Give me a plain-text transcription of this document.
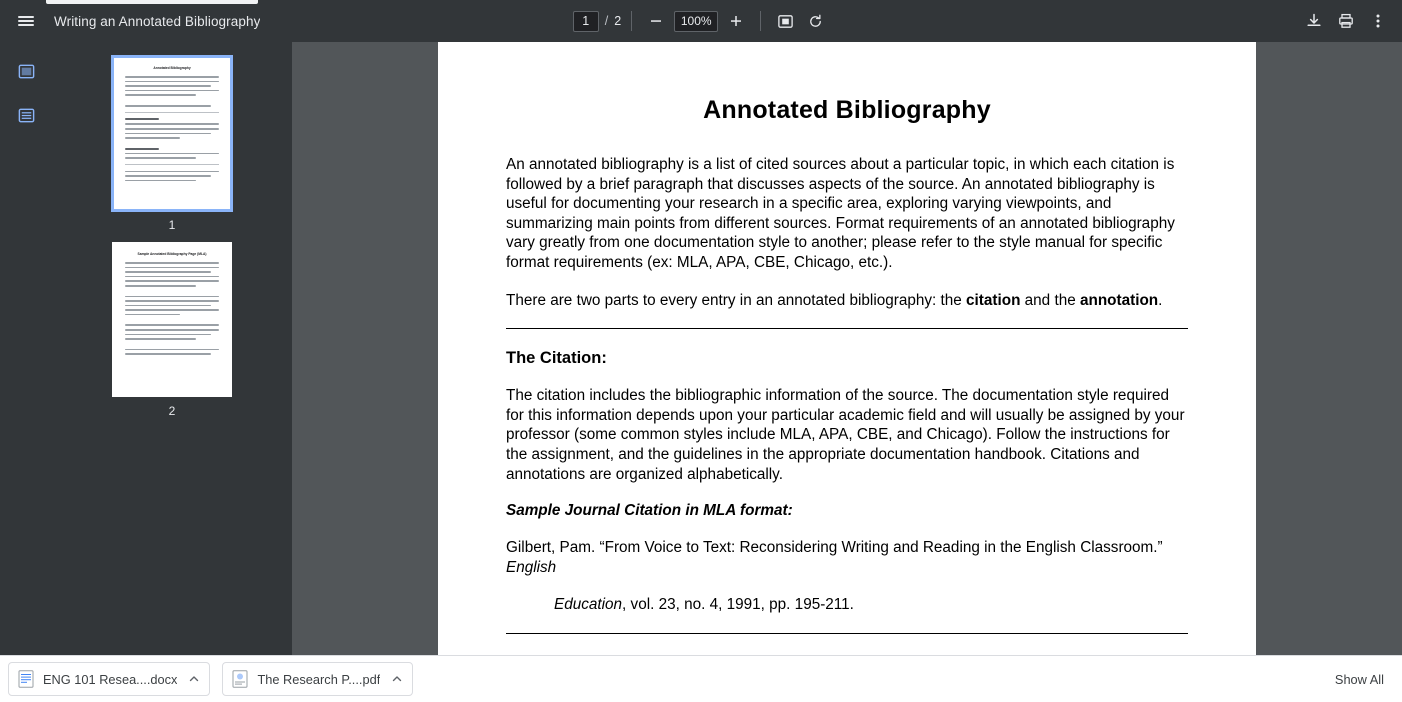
Writing an Annotated Bibliography
1	/ 2	100%
Annotated Bibliography
1
Sample Annotated Bibliography Page (MLA)
2
Annotated Bibliography

An annotated bibliography is a list of cited sources about a particular topic, in which each citation is followed by a brief paragraph that discusses aspects of the source. An annotated bibliography is useful for documenting your research in a specific area, exploring varying viewpoints, and summarizing main points from different sources. Format requirements of an annotated bibliography vary greatly from one documentation style to another; please refer to the style manual for specific format requirements (ex: MLA, APA, CBE, Chicago, etc.).

There are two parts to every entry in an annotated bibliography: the citation and the annotation.

The Citation:

The citation includes the bibliographic information of the source. The documentation style required for this information depends upon your particular academic field and will usually be assigned by your professor (some common styles include MLA, APA, CBE, and Chicago). Follow the instructions for the assignment, and the guidelines in the appropriate documentation handbook. Citations and annotations are organized alphabetically.

Sample Journal Citation in MLA format:

Gilbert, Pam. “From Voice to Text: Reconsidering Writing and Reading in the English Classroom.” English

Education, vol. 23, no. 4, 1991, pp. 195-211.

ENG 101 Resea....docx	The Research P....pdf	Show All
